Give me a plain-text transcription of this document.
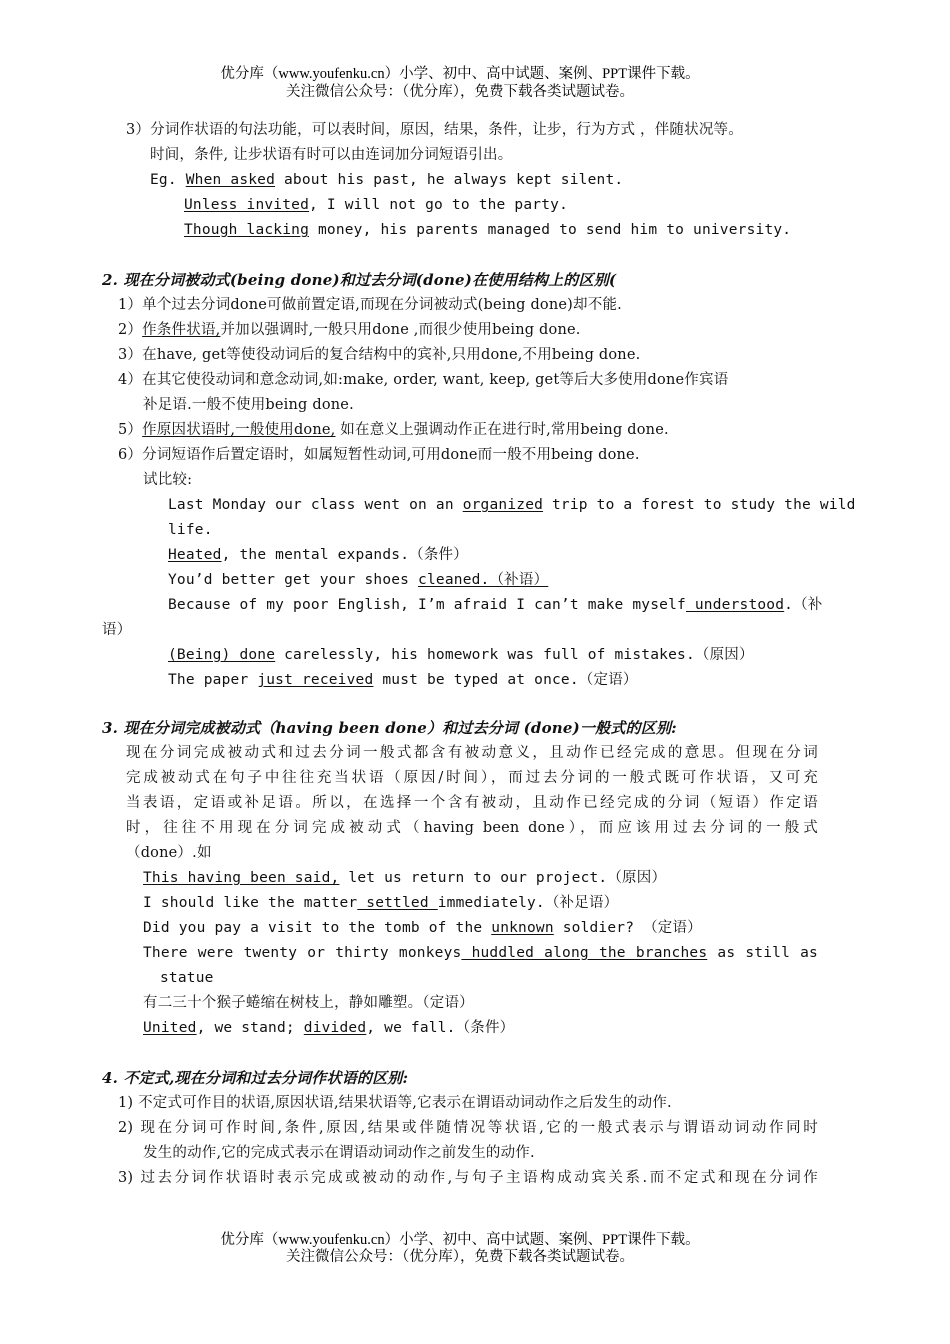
优分库（www.youfenku.cn）小学、初中、高中试题、案例、PPT课件下载。
关注微信公众号：（优分库），免费下载各类试题试卷。
3）分词作状语的句法功能，可以表时间，原因，结果，条件，让步，行为方式 ，伴随状况等。
时间，条件, 让步状语有时可以由连词加分词短语引出。
Eg. When asked about his past, he always kept silent.
Unless invited, I will not go to the party.
Though lacking money, his parents managed to send him to university.
2. 现在分词被动式(being done)和过去分词(done)在使用结构上的区别(
1）单个过去分词done可做前置定语,而现在分词被动式(being done)却不能.
2）作条件状语,并加以强调时,一般只用done ,而很少使用being done.
3）在have, get等使役动词后的复合结构中的宾补,只用done,不用being done.
4）在其它使役动词和意念动词,如:make, order, want, keep, get等后大多使用done作宾语
补足语.一般不使用being done.
5）作原因状语时,一般使用done, 如在意义上强调动作正在进行时,常用being done.
6）分词短语作后置定语时，如属短暂性动词,可用done而一般不用being done.
试比较:
Last Monday our class went on an organized trip to a forest to study the wild
life.
Heated, the mental expands.（条件）
You’d better get your shoes cleaned.（补语）
Because of my poor English, I’m afraid I can’t make myself understood.（补
语）
(Being) done carelessly, his homework was full of mistakes.（原因）
The paper just received must be typed at once.（定语）
3. 现在分词完成被动式（having been done）和过去分词 (done)一般式的区别:
现在分词完成被动式和过去分词一般式都含有被动意义，且动作已经完成的意思。但现在分词
完成被动式在句子中往往充当状语（原因/时间），而过去分词的一般式既可作状语，又可充
当表语，定语或补足语。所以，在选择一个含有被动，且动作已经完成的分词（短语）作定语
时，往往不用现在分词完成被动式（having been done），而应该用过去分词的一般式
（done）.如
This having been said, let us return to our project.（原因）
I should like the matter settled immediately.（补足语）
Did you pay a visit to the tomb of the unknown soldier? （定语）
There were twenty or thirty monkeys huddled along the branches as still as
statue
有二三十个猴子蜷缩在树枝上，静如雕塑。（定语）
United, we stand; divided, we fall.（条件）
4. 不定式,现在分词和过去分词作状语的区别:
1) 不定式可作目的状语,原因状语,结果状语等,它表示在谓语动词动作之后发生的动作.
2) 现在分词可作时间,条件,原因,结果或伴随情况等状语,它的一般式表示与谓语动词动作同时
发生的动作,它的完成式表示在谓语动词动作之前发生的动作.
3) 过去分词作状语时表示完成或被动的动作,与句子主语构成动宾关系.而不定式和现在分词作
优分库（www.youfenku.cn）小学、初中、高中试题、案例、PPT课件下载。
关注微信公众号：（优分库），免费下载各类试题试卷。
